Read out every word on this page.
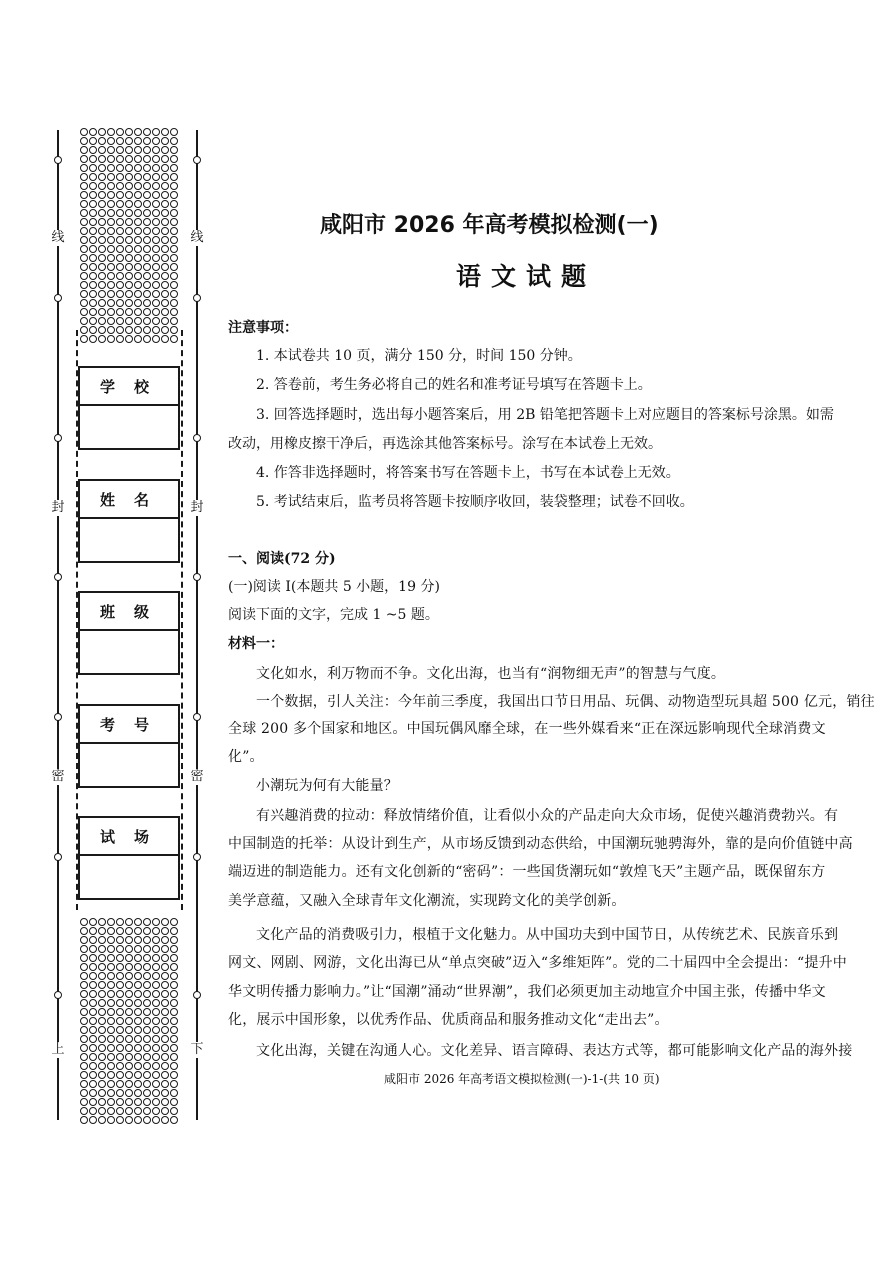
线	线
封	封
密	密
上	下
学　校
姓　名
班　级
考　号
试　场
咸阳市 2026 年高考模拟检测(一)
语文试题
注意事项：
1. 本试卷共 10 页，满分 150 分，时间 150 分钟。
2. 答卷前，考生务必将自己的姓名和准考证号填写在答题卡上。
3. 回答选择题时，选出每小题答案后，用 2B 铅笔把答题卡上对应题目的答案标号涂黑。如需
改动，用橡皮擦干净后，再选涂其他答案标号。涂写在本试卷上无效。
4. 作答非选择题时，将答案书写在答题卡上，书写在本试卷上无效。
5. 考试结束后，监考员将答题卡按顺序收回，装袋整理；试卷不回收。
一、阅读(72 分)
(一)阅读 I(本题共 5 小题，19 分)
阅读下面的文字，完成 1 ~5 题。
材料一：
文化如水，利万物而不争。文化出海，也当有“润物细无声”的智慧与气度。
一个数据，引人关注：今年前三季度，我国出口节日用品、玩偶、动物造型玩具超 500 亿元，销往
全球 200 多个国家和地区。中国玩偶风靡全球，在一些外媒看来“正在深远影响现代全球消费文
化”。
小潮玩为何有大能量？
有兴趣消费的拉动：释放情绪价值，让看似小众的产品走向大众市场，促使兴趣消费勃兴。有
中国制造的托举：从设计到生产，从市场反馈到动态供给，中国潮玩驰骋海外，靠的是向价值链中高
端迈进的制造能力。还有文化创新的“密码”：一些国货潮玩如“敦煌飞天”主题产品，既保留东方
美学意蕴，又融入全球青年文化潮流，实现跨文化的美学创新。
文化产品的消费吸引力，根植于文化魅力。从中国功夫到中国节日，从传统艺术、民族音乐到
网文、网剧、网游，文化出海已从“单点突破”迈入“多维矩阵”。党的二十届四中全会提出：“提升中
华文明传播力影响力。”让“国潮”涌动“世界潮”，我们必须更加主动地宣介中国主张，传播中华文
化，展示中国形象，以优秀作品、优质商品和服务推动文化“走出去”。
文化出海，关键在沟通人心。文化差异、语言障碍、表达方式等，都可能影响文化产品的海外接
咸阳市 2026 年高考语文模拟检测(一)-1-(共 10 页)
